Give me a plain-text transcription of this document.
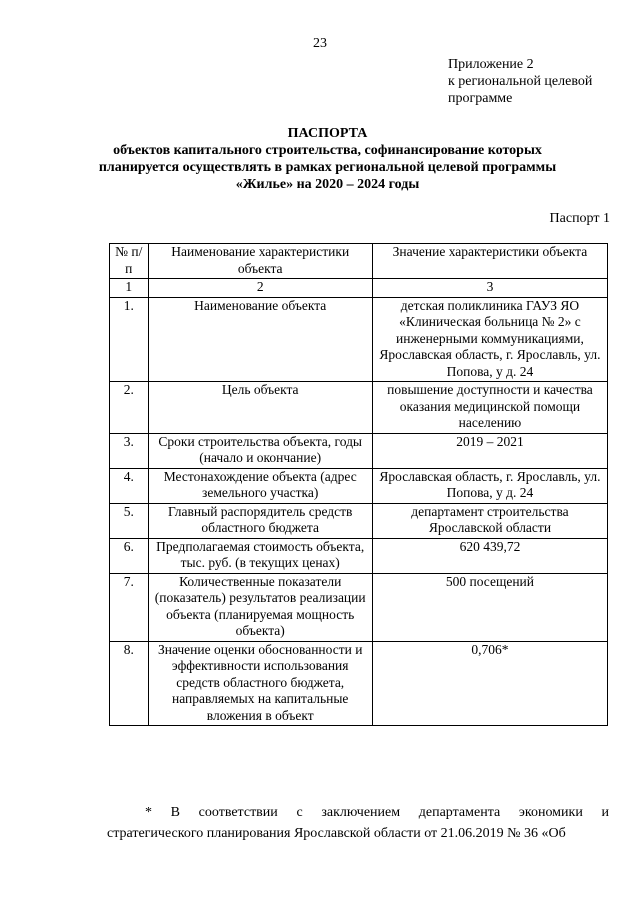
23
Приложение 2
к региональной целевой
программе
ПАСПОРТА
объектов капитального строительства, софинансирование которых
планируется осуществлять в рамках региональной целевой программы
«Жилье» на 2020 – 2024 годы
Паспорт 1
№ п/п	Наименование характеристики объекта	Значение характеристики объекта
1	2	3
1.	Наименование объекта	детская поликлиника ГАУЗ ЯО «Клиническая больница № 2» с инженерными коммуникациями, Ярославская область, г. Ярославль, ул. Попова, у д. 24
2.	Цель объекта	повышение доступности и качества оказания медицинской помощи населению
3.	Сроки строительства объекта, годы (начало и окончание)	2019 – 2021
4.	Местонахождение объекта (адрес земельного участка)	Ярославская область, г. Ярославль, ул. Попова, у д. 24
5.	Главный распорядитель средств областного бюджета	департамент строительства Ярославской области
6.	Предполагаемая стоимость объекта, тыс. руб. (в текущих ценах)	620 439,72
7.	Количественные показатели (показатель) результатов реализации объекта (планируемая мощность объекта)	500 посещений
8.	Значение оценки обоснованности и эффективности использования средств областного бюджета, направляемых на капитальные вложения в объект	0,706*
* В соответствии с заключением департамента экономики и
стратегического планирования Ярославской области от 21.06.2019 № 36 «Об
